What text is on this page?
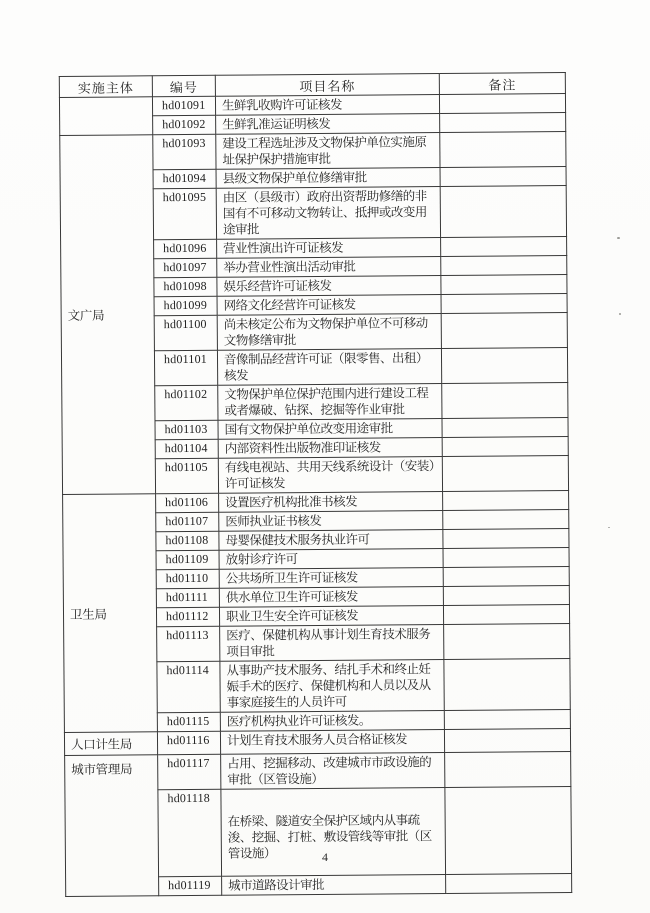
实施主体	编号	项目名称	备注
	hd01091	生鲜乳收购许可证核发	
	hd01092	生鲜乳准运证明核发	
文广局	hd01093	建设工程选址涉及文物保护单位实施原址保护保护措施审批	
	hd01094	县级文物保护单位修缮审批	
	hd01095	由区（县级市）政府出资帮助修缮的非国有不可移动文物转让、抵押或改变用途审批	
	hd01096	营业性演出许可证核发	
	hd01097	举办营业性演出活动审批	
	hd01098	娱乐经营许可证核发	
	hd01099	网络文化经营许可证核发	
	hd01100	尚未核定公布为文物保护单位不可移动文物修缮审批	
	hd01101	音像制品经营许可证（限零售、出租）核发	
	hd01102	文物保护单位保护范围内进行建设工程或者爆破、钻探、挖掘等作业审批	
	hd01103	国有文物保护单位改变用途审批	
	hd01104	内部资料性出版物准印证核发	
	hd01105	有线电视站、共用天线系统设计（安装）许可证核发	
卫生局	hd01106	设置医疗机构批准书核发	
	hd01107	医师执业证书核发	
	hd01108	母婴保健技术服务执业许可	
	hd01109	放射诊疗许可	
	hd01110	公共场所卫生许可证核发	
	hd01111	供水单位卫生许可证核发	
	hd01112	职业卫生安全许可证核发	
	hd01113	医疗、保健机构从事计划生育技术服务项目审批	
	hd01114	从事助产技术服务、结扎手术和终止妊娠手术的医疗、保健机构和人员以及从事家庭接生的人员许可	
	hd01115	医疗机构执业许可证核发。	
人口计生局	hd01116	计划生育技术服务人员合格证核发	
城市管理局	hd01117	占用、挖掘移动、改建城市市政设施的审批（区管设施）	
	hd01118	在桥梁、隧道安全保护区域内从事疏浚、挖掘、打桩、敷设管线等审批（区管设施）	
	hd01119	城市道路设计审批	
4
